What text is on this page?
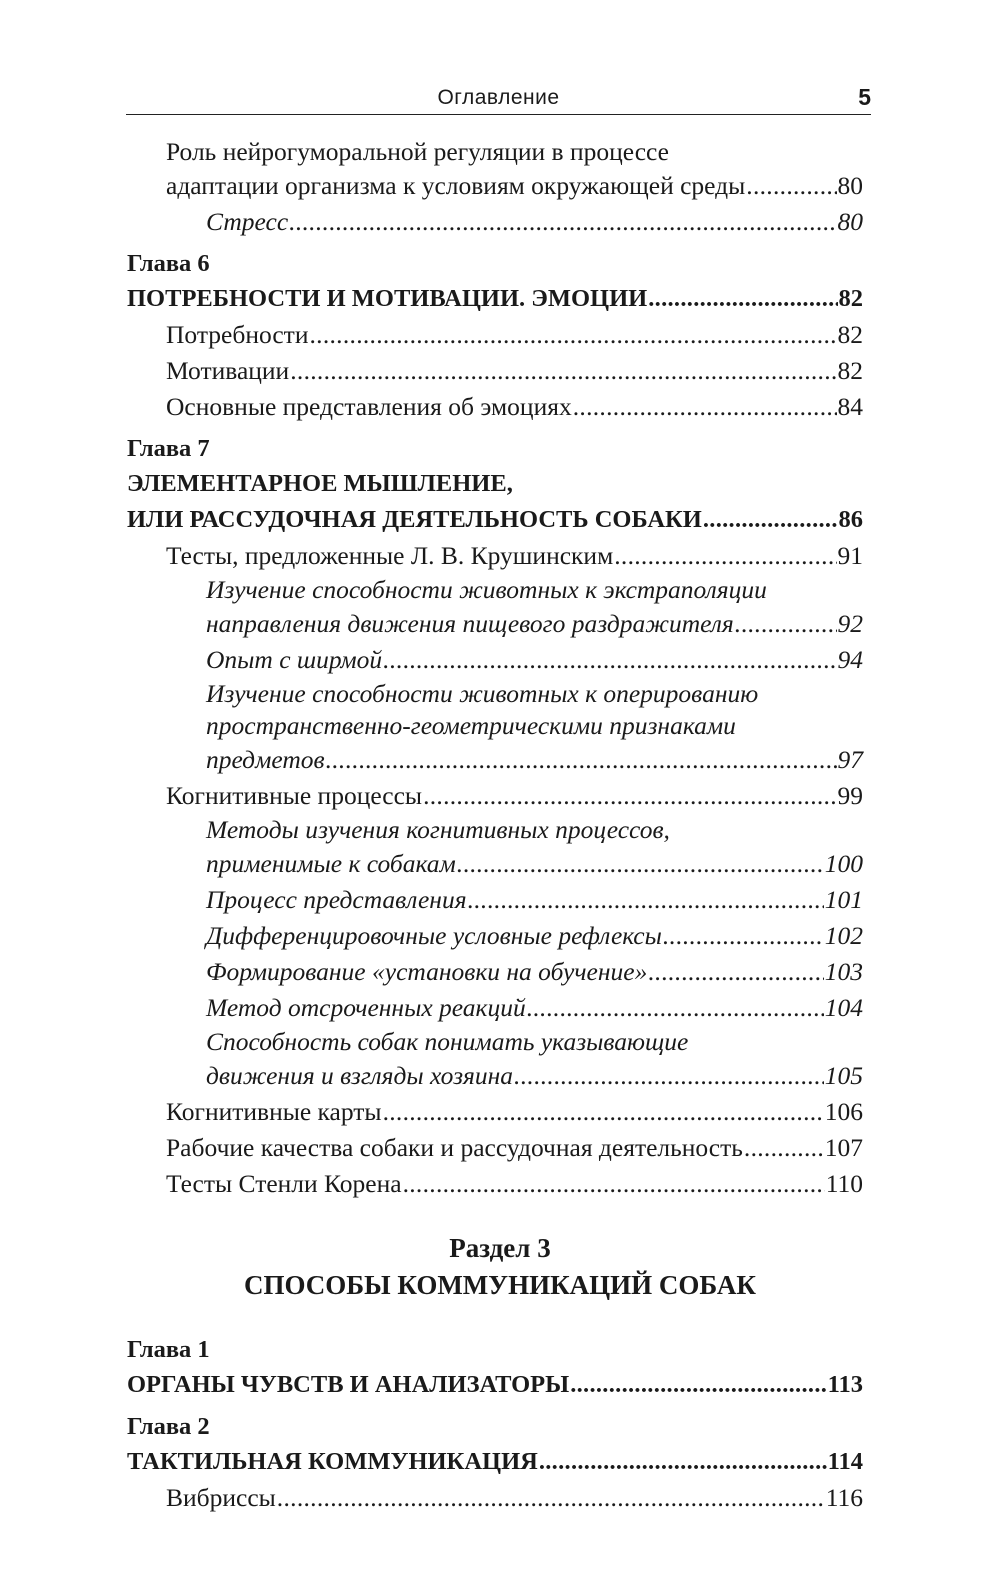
Оглавление	5
Роль нейрогуморальной регуляции в процессе
адаптации организма к условиям окружающей среды .....	80
Стресс .....	80
Глава 6
ПОТРЕБНОСТИ И МОТИВАЦИИ. ЭМОЦИИ .....	82
Потребности .....	82
Мотивации .....	82
Основные представления об эмоциях .....	84
Глава 7
ЭЛЕМЕНТАРНОЕ МЫШЛЕНИЕ,
ИЛИ РАССУДОЧНАЯ ДЕЯТЕЛЬНОСТЬ СОБАКИ .....	86
Тесты, предложенные Л. В. Крушинским .....	91
Изучение способности животных к экстраполяции
направления движения пищевого раздражителя .....	92
Опыт с ширмой .....	94
Изучение способности животных к оперированию
пространственно-геометрическими признаками
предметов .....	97
Когнитивные процессы .....	99
Методы изучения когнитивных процессов,
применимые к собакам .....	100
Процесс представления .....	101
Дифференцировочные условные рефлексы .....	102
Формирование «установки на обучение» .....	103
Метод отсроченных реакций .....	104
Способность собак понимать указывающие
движения и взгляды хозяина .....	105
Когнитивные карты .....	106
Рабочие качества собаки и рассудочная деятельность .....	107
Тесты Стенли Корена .....	110
Раздел 3
СПОСОБЫ КОММУНИКАЦИЙ СОБАК
Глава 1
ОРГАНЫ ЧУВСТВ И АНАЛИЗАТОРЫ .....	113
Глава 2
ТАКТИЛЬНАЯ КОММУНИКАЦИЯ .....	114
Вибриссы .....	116
